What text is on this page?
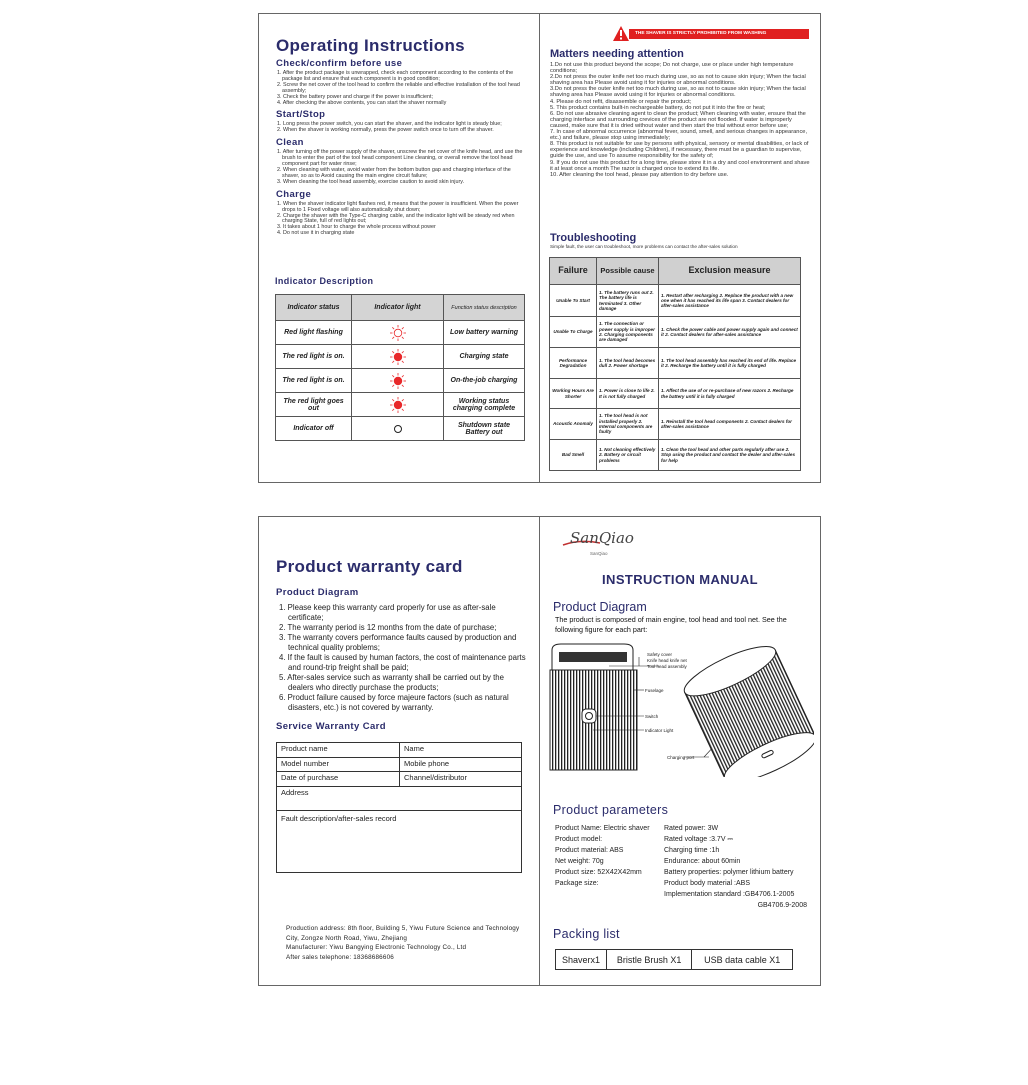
Operating Instructions
Check/confirm before use
1. After the product package is unwrapped, check each component according to the contents of the package list and ensure that each component is in good condition;
2. Screw the net cover of the tool head to confirm the reliable and effective installation of the tool head assembly;
3. Check the battery power and charge if the power is insufficient;
4. After checking the above contents, you can start the shaver normally
Start/Stop
1. Long press the power switch, you can start the shaver, and the indicator light is steady blue;
2. When the shaver is working normally, press the power switch once to turn off the shaver.
Clean
1. After turning off the power supply of the shaver, unscrew the net cover of the knife head, and use the brush to enter the part of the tool head component Line cleaning, or overall remove the tool head component part for water rinse;
2. When cleaning with water, avoid water from the bottom button gap and charging interface of the shaver, so as to Avoid causing the main engine circuit failure;
3. When cleaning the tool head assembly, exercise caution to avoid skin injury.
Charge
1. When the shaver indicator light flashes red, it means that the power is insufficient. When the power drops to 1 Fixed voltage will also automatically shut down;
2. Charge the shaver with the Type-C charging cable, and the indicator light will be steady red when charging State, full of red lights out;
3. It takes about 1 hour to charge the whole process without power
4. Do not use it in charging state
Indicator Description
Indicator status	Indicator light	Function status description
Red light flashing		Low battery warning
The red light is on.		Charging state
The red light is on.		On-the-job charging
The red light goes out		Working status charging complete
Indicator off		Shutdown state Battery out
THE SHAVER IS STRICTLY PROHIBITED FROM WASHING
Matters needing attention
1.Do not use this product beyond the scope; Do not charge, use or place under high temperature conditions;
2.Do not press the outer knife net too much during use, so as not to cause skin injury; When the facial shaving area has Please avoid using it for injuries or abnormal conditions.
3.Do not press the outer knife net too much during use, so as not to cause skin injury; When the facial shaving area has Please avoid using it for injuries or abnormal conditions.
4. Please do not refit, disassemble or repair the product;
5. This product contains built-in rechargeable battery, do not put it into the fire or heat;
6. Do not use abrasive cleaning agent to clean the product; When cleaning with water, ensure that the charging interface and surrounding crevices of the product are not flooded. If water is improperly caused, make sure that it is dried without water and then start the trial without error before use;
7. In case of abnormal occurrence (abnormal fever, sound, smell, and serious changes in appearance, etc.) and failure, please stop using immediately;
8. This product is not suitable for use by persons with physical, sensory or mental disabilities, or lack of experience and knowledge (including Children), if necessary, there must be a guardian to supervise, guide the use, and use To assume responsibility for the safety of;
9. If you do not use this product for a long time, please store it in a dry and cool environment and shave it at least once a month The razor is charged once to extend its life.
10. After cleaning the tool head, please pay attention to dry before use.
Troubleshooting
Simple fault, the user can troubleshoot, more problems can contact the after-sales solution
Failure	Possible cause	Exclusion measure
Unable To Start	1. The battery runs out 2. The battery life is terminated 3. Other damage	1. Restart after recharging 2. Replace the product with a new one when it has reached its life span 3. Contact dealers for after-sales assistance
Unable To Charge	1. The connection or power supply is improper 2. Charging components are damaged	1. Check the power cable and power supply again and connect it 2. Contact dealers for after-sales assistance
Performance Degradation	1. The tool head becomes dull 2. Power shortage	1. The tool head assembly has reached its end of life. Replace it 2. Recharge the battery until it is fully charged
Working Hours Are Shorter	1. Power is close to life 2. It is not fully charged	1. Affect the use of or re-purchase of new razors 2. Recharge the battery until it is fully charged
Acoustic Anomaly	1. The tool head is not installed properly 2. Internal components are faulty	1. Reinstall the tool head components 2. Contact dealers for after-sales assistance
Bad Smell	1. Not cleaning effectively 2. Battery or circuit problems	1. Clean the tool head and other parts regularly after use 2. Stop using the product and contact the dealer and after-sales for help
Product warranty card
Product Diagram
1. Please keep this warranty card properly for use as after-sale certificate;
2. The warranty period is 12 months from the date of purchase;
3. The warranty covers performance faults caused by production and technical quality problems;
4. If the fault is caused by human factors, the cost of maintenance parts and round-trip freight shall be paid;
5. After-sales service such as warranty shall be carried out by the dealers who directly purchase the products;
6. Product failure caused by force majeure factors (such as natural disasters, etc.) is not covered by warranty.
Service Warranty Card
Product name	Name
Model number	Mobile phone
Date of purchase	Channel/distributor
Address	
Fault description/after-sales record	
Production address: 8th floor, Building 5, Yiwu Future Science and Technology City, Zongze North Road, Yiwu, Zhejiang
Manufacturer: Yiwu Bangying Electronic Technology Co., Ltd
After sales telephone: 18368686606
SanQiao
SanQiao
INSTRUCTION MANUAL
Product Diagram
The product is composed of main engine, tool head and tool net. See the following figure for each part:
Safety cover
Knife head knife net
Tool head assembly
Fuselage
Switch
Indicator Light
Charging port
Product parameters
Product Name: Electric shaver
Product model:
Product material: ABS
Net weight: 70g
Product size: 52X42X42mm
Package size:
Rated power: 3W
Rated voltage :3.7V ⎓
Charging time :1h
Endurance: about 60min
Battery properties: polymer lithium battery
Product body material :ABS
Implementation standard :GB4706.1-2005
GB4706.9-2008
Packing list
Shaverx1	Bristle Brush X1	USB data cable X1
